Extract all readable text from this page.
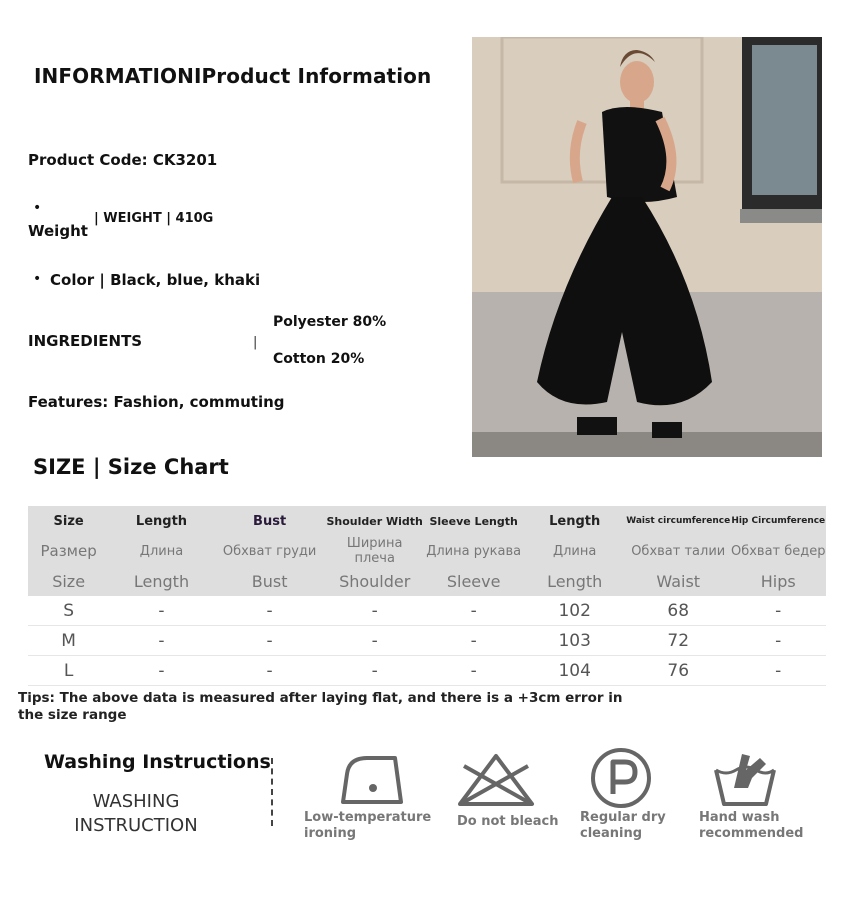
INFORMATIONIProduct Information
Product Code: CK3201
•
Weight
| WEIGHT | 410G
• Color | Black, blue, khaki
INGREDIENTS	|
Polyester 80%
Cotton 20%
Features: Fashion, commuting
SIZE | Size Chart
Size	Length	Bust	Shoulder Width	Sleeve Length	Length	Waist circumference	Hip Circumference
Размер	Длина	Обхват груди	Ширина плеча	Длина рукава	Длина	Обхват талии	Обхват бедер
Size	Length	Bust	Shoulder	Sleeve	Length	Waist	Hips
S	-	-	-	-	102	68	-
M	-	-	-	-	103	72	-
L	-	-	-	-	104	76	-
Tips: The above data is measured after laying flat, and there is a +3cm error in the size range
Washing Instructions
WASHING
INSTRUCTION	Low-temperature
ironing
Do not bleach Regular dry
cleaning
Hand wash
recommended
